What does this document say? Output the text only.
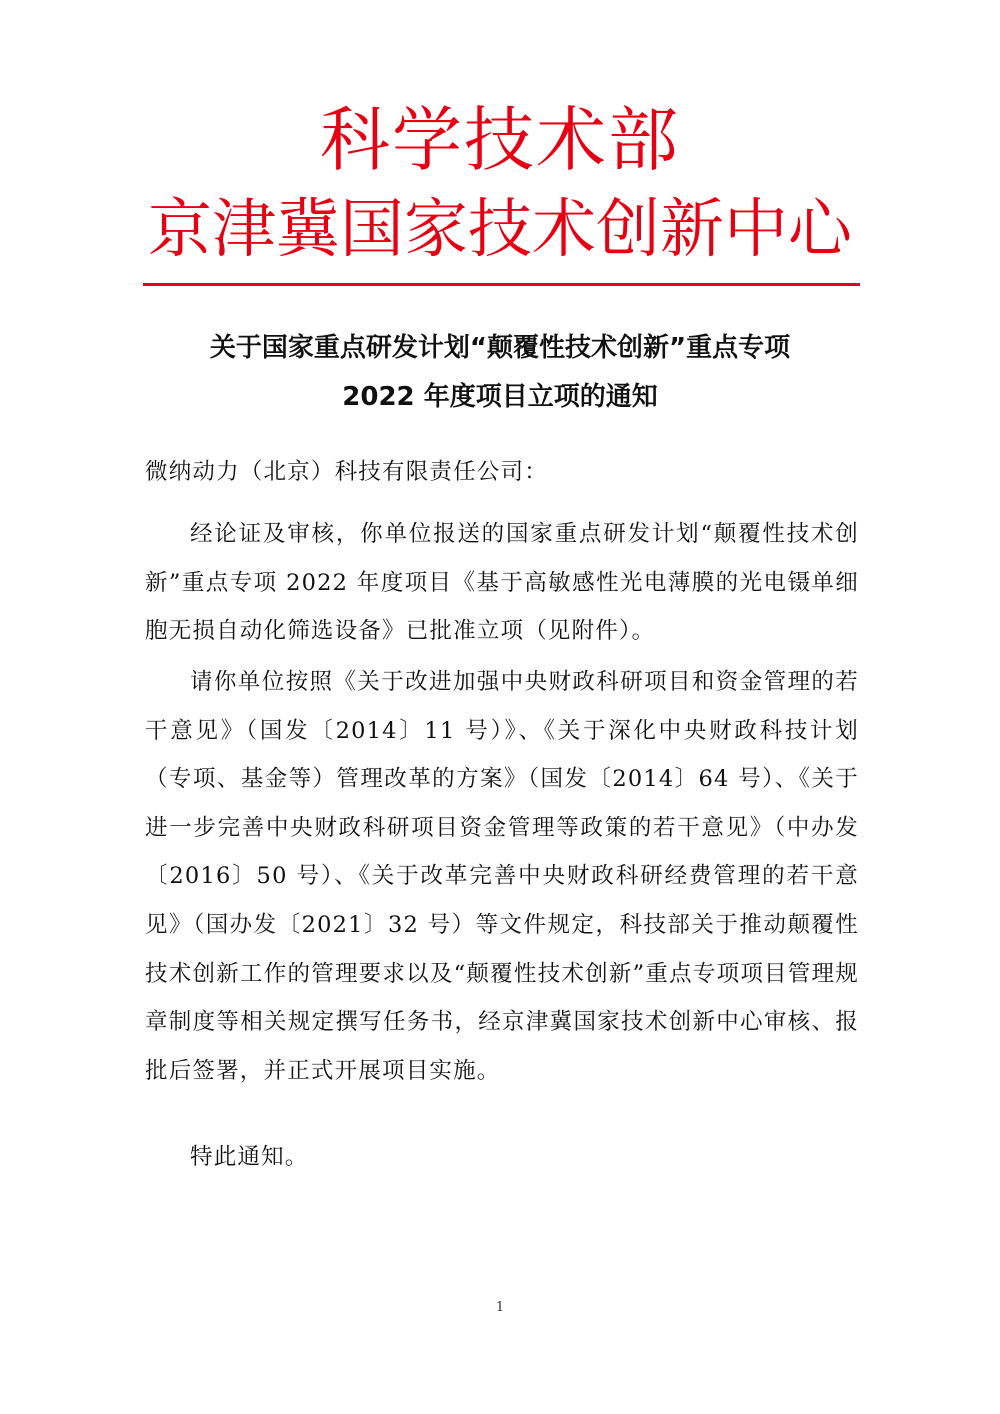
科学技术部
京津冀国家技术创新中心
关于国家重点研发计划“颠覆性技术创新”重点专项
2022 年度项目立项的通知
微纳动力（北京）科技有限责任公司：

经论证及审核，你单位报送的国家重点研发计划“颠覆性技术创新”重点专项 2022 年度项目《基于高敏感性光电薄膜的光电镊单细胞无损自动化筛选设备》已批准立项（见附件）。

请你单位按照《关于改进加强中央财政科研项目和资金管理的若干意见》（国发〔2014〕11 号）》、《关于深化中央财政科技计划（专项、基金等）管理改革的方案》（国发〔2014〕64 号）、《关于进一步完善中央财政科研项目资金管理等政策的若干意见》（中办发〔2016〕50 号）、《关于改革完善中央财政科研经费管理的若干意见》（国办发〔2021〕32 号）等文件规定，科技部关于推动颠覆性技术创新工作的管理要求以及“颠覆性技术创新”重点专项项目管理规章制度等相关规定撰写任务书，经京津冀国家技术创新中心审核、报批后签署，并正式开展项目实施。

特此通知。

1
